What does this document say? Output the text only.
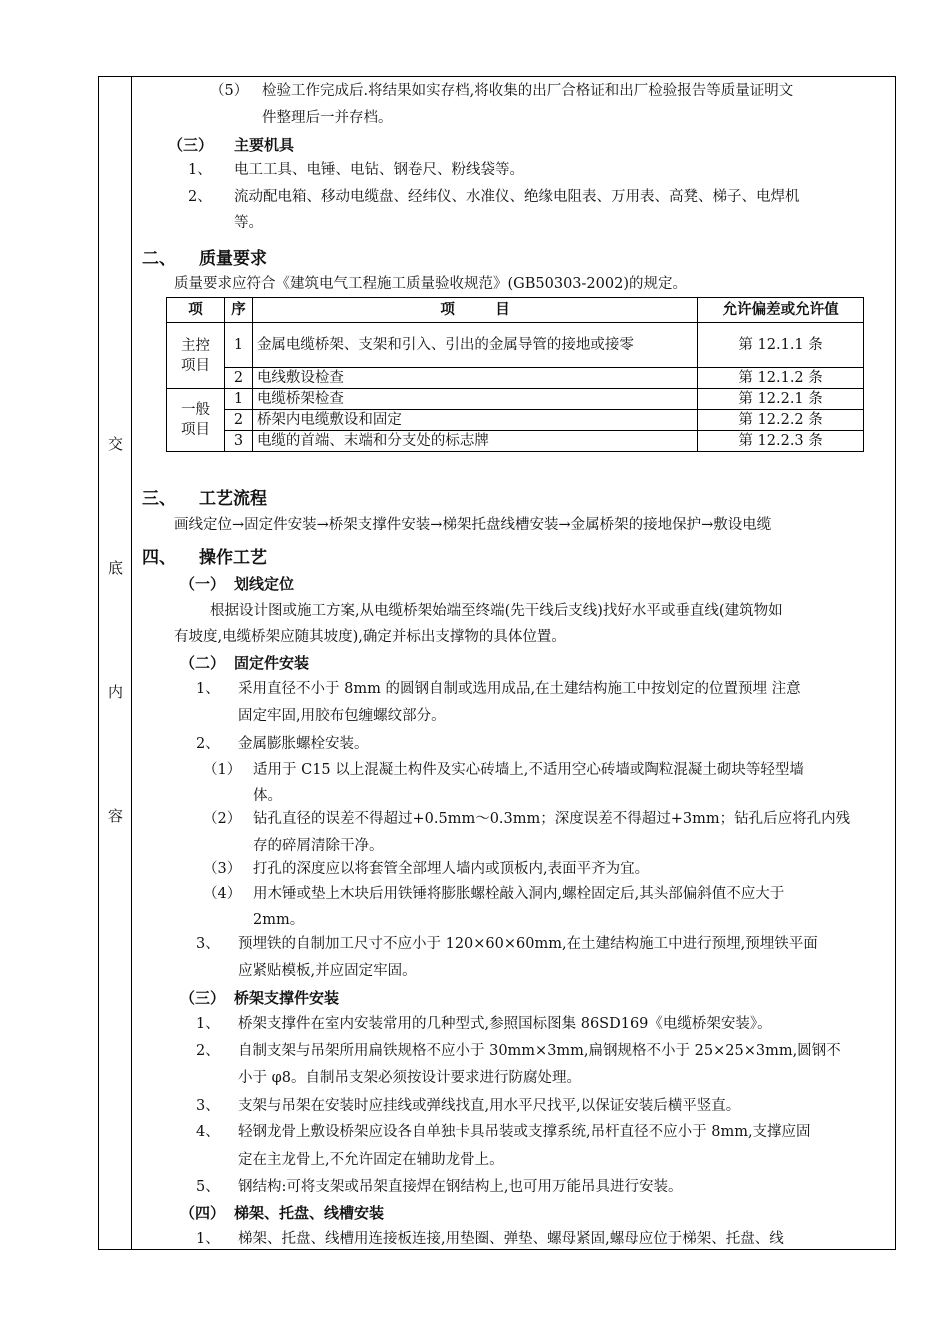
交
底
内
容
（5） 检验工作完成后.将结果如实存档,将收集的出厂合格证和出厂检验报告等质量证明文
件整理后一并存档。
（三） 主要机具
1、 电工工具、电锤、电钻、钢卷尺、粉线袋等。
2、 流动配电箱、移动电缆盘、经纬仪、水准仪、绝缘电阻表、万用表、高凳、梯子、电焊机
等。
二、 质量要求
质量要求应符合《建筑电气工程施工质量验收规范》(GB50303-2002)的规定。
项	序	项        目	允许偏差或允许值
主控项目	1	金属电缆桥架、支架和引入、引出的金属导管的接地或接零	第 12.1.1 条
	2	电线敷设检查	第 12.1.2 条
一般项目	1	电缆桥架检查	第 12.2.1 条
	2	桥架内电缆敷设和固定	第 12.2.2 条
	3	电缆的首端、末端和分支处的标志牌	第 12.2.3 条
三、 工艺流程
画线定位→固定件安装→桥架支撑件安装→梯架托盘线槽安装→金属桥架的接地保护→敷设电缆
四、 操作工艺
（一） 划线定位
根据设计图或施工方案,从电缆桥架始端至终端(先干线后支线)找好水平或垂直线(建筑物如
有坡度,电缆桥架应随其坡度),确定并标出支撑物的具体位置。
（二） 固定件安装
1、 采用直径不小于 8mm 的圆钢自制或选用成品,在土建结构施工中按划定的位置预埋 注意
固定牢固,用胶布包缠螺纹部分。
2、 金属膨胀螺栓安装。
（1） 适用于 C15 以上混凝土构件及实心砖墙上,不适用空心砖墙或陶粒混凝土砌块等轻型墙
体。
（2） 钻孔直径的误差不得超过+0.5mm～0.3mm；深度误差不得超过+3mm；钻孔后应将孔内残
存的碎屑清除干净。
（3） 打孔的深度应以将套管全部埋人墙内或顶板内,表面平齐为宜。
（4） 用木锤或垫上木块后用铁锤将膨胀螺栓敲入洞内,螺栓固定后,其头部偏斜值不应大于
2mm。
3、 预埋铁的自制加工尺寸不应小于 120×60×60mm,在土建结构施工中进行预埋,预埋铁平面
应紧贴模板,并应固定牢固。
（三） 桥架支撑件安装
1、 桥架支撑件在室内安装常用的几种型式,参照国标图集 86SD169《电缆桥架安装》。
2、 自制支架与吊架所用扁铁规格不应小于 30mm×3mm,扁钢规格不小于 25×25×3mm,圆钢不
小于 φ8。自制吊支架必须按设计要求进行防腐处理。
3、 支架与吊架在安装时应挂线或弹线找直,用水平尺找平,以保证安装后横平竖直。
4、 轻钢龙骨上敷设桥架应设各自单独卡具吊装或支撑系统,吊杆直径不应小于 8mm,支撑应固
定在主龙骨上,不允许固定在辅助龙骨上。
5、 钢结构:可将支架或吊架直接焊在钢结构上,也可用万能吊具进行安装。
（四） 梯架、托盘、线槽安装
1、 梯架、托盘、线槽用连接板连接,用垫圈、弹垫、螺母紧固,螺母应位于梯架、托盘、线
